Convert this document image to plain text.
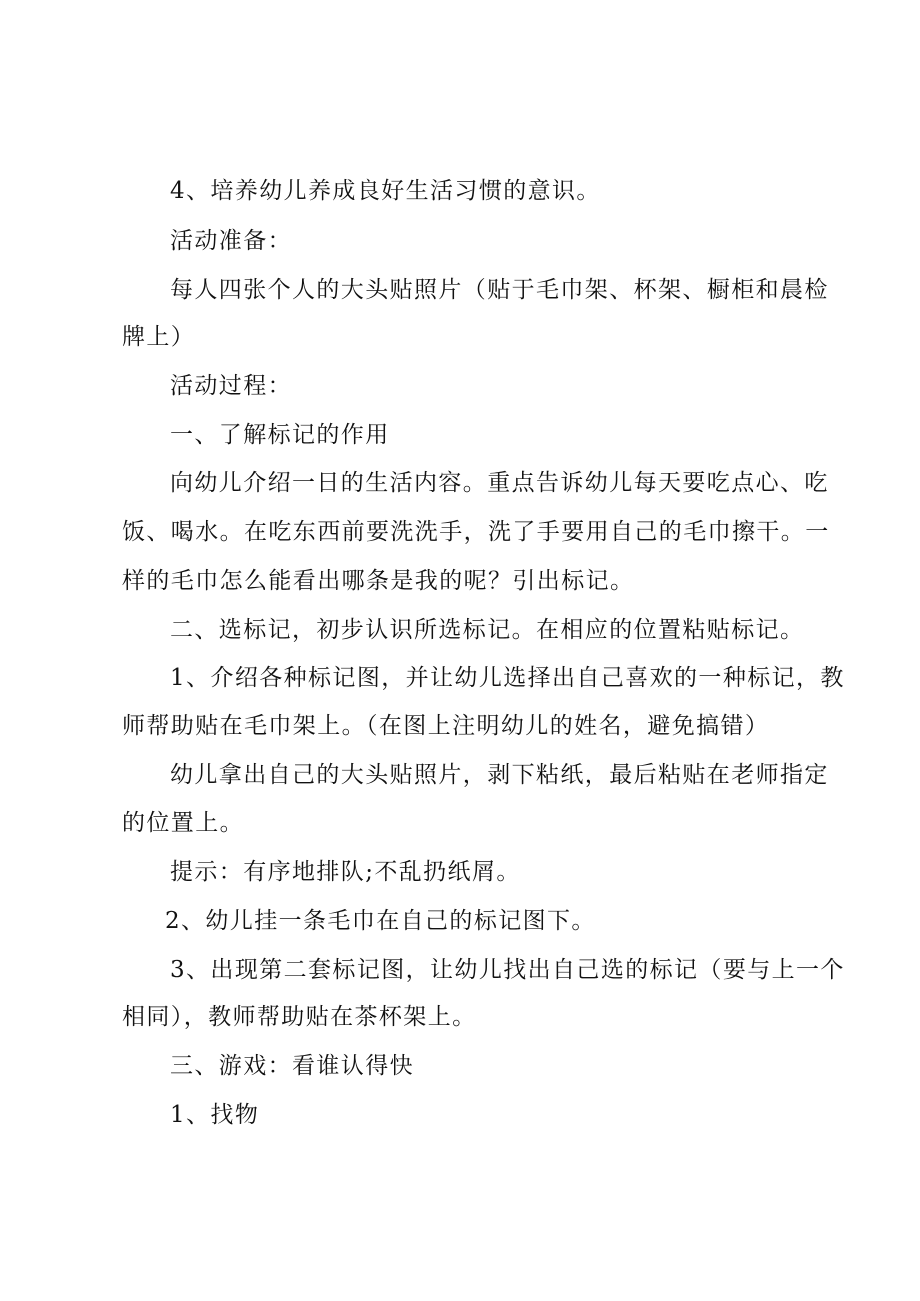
4、培养幼儿养成良好生活习惯的意识。
活动准备：
每人四张个人的大头贴照片（贴于毛巾架、杯架、橱柜和晨检
牌上）
活动过程：
一、了解标记的作用
向幼儿介绍一日的生活内容。重点告诉幼儿每天要吃点心、吃
饭、喝水。在吃东西前要洗洗手，洗了手要用自己的毛巾擦干。一
样的毛巾怎么能看出哪条是我的呢？引出标记。
二、选标记，初步认识所选标记。在相应的位置粘贴标记。
1、介绍各种标记图，并让幼儿选择出自己喜欢的一种标记，教
师帮助贴在毛巾架上。（在图上注明幼儿的姓名，避免搞错）
幼儿拿出自己的大头贴照片，剥下粘纸，最后粘贴在老师指定
的位置上。
提示：有序地排队;不乱扔纸屑。
2、幼儿挂一条毛巾在自己的标记图下。
3、出现第二套标记图，让幼儿找出自己选的标记（要与上一个
相同），教师帮助贴在茶杯架上。
三、游戏：看谁认得快
1、找物
